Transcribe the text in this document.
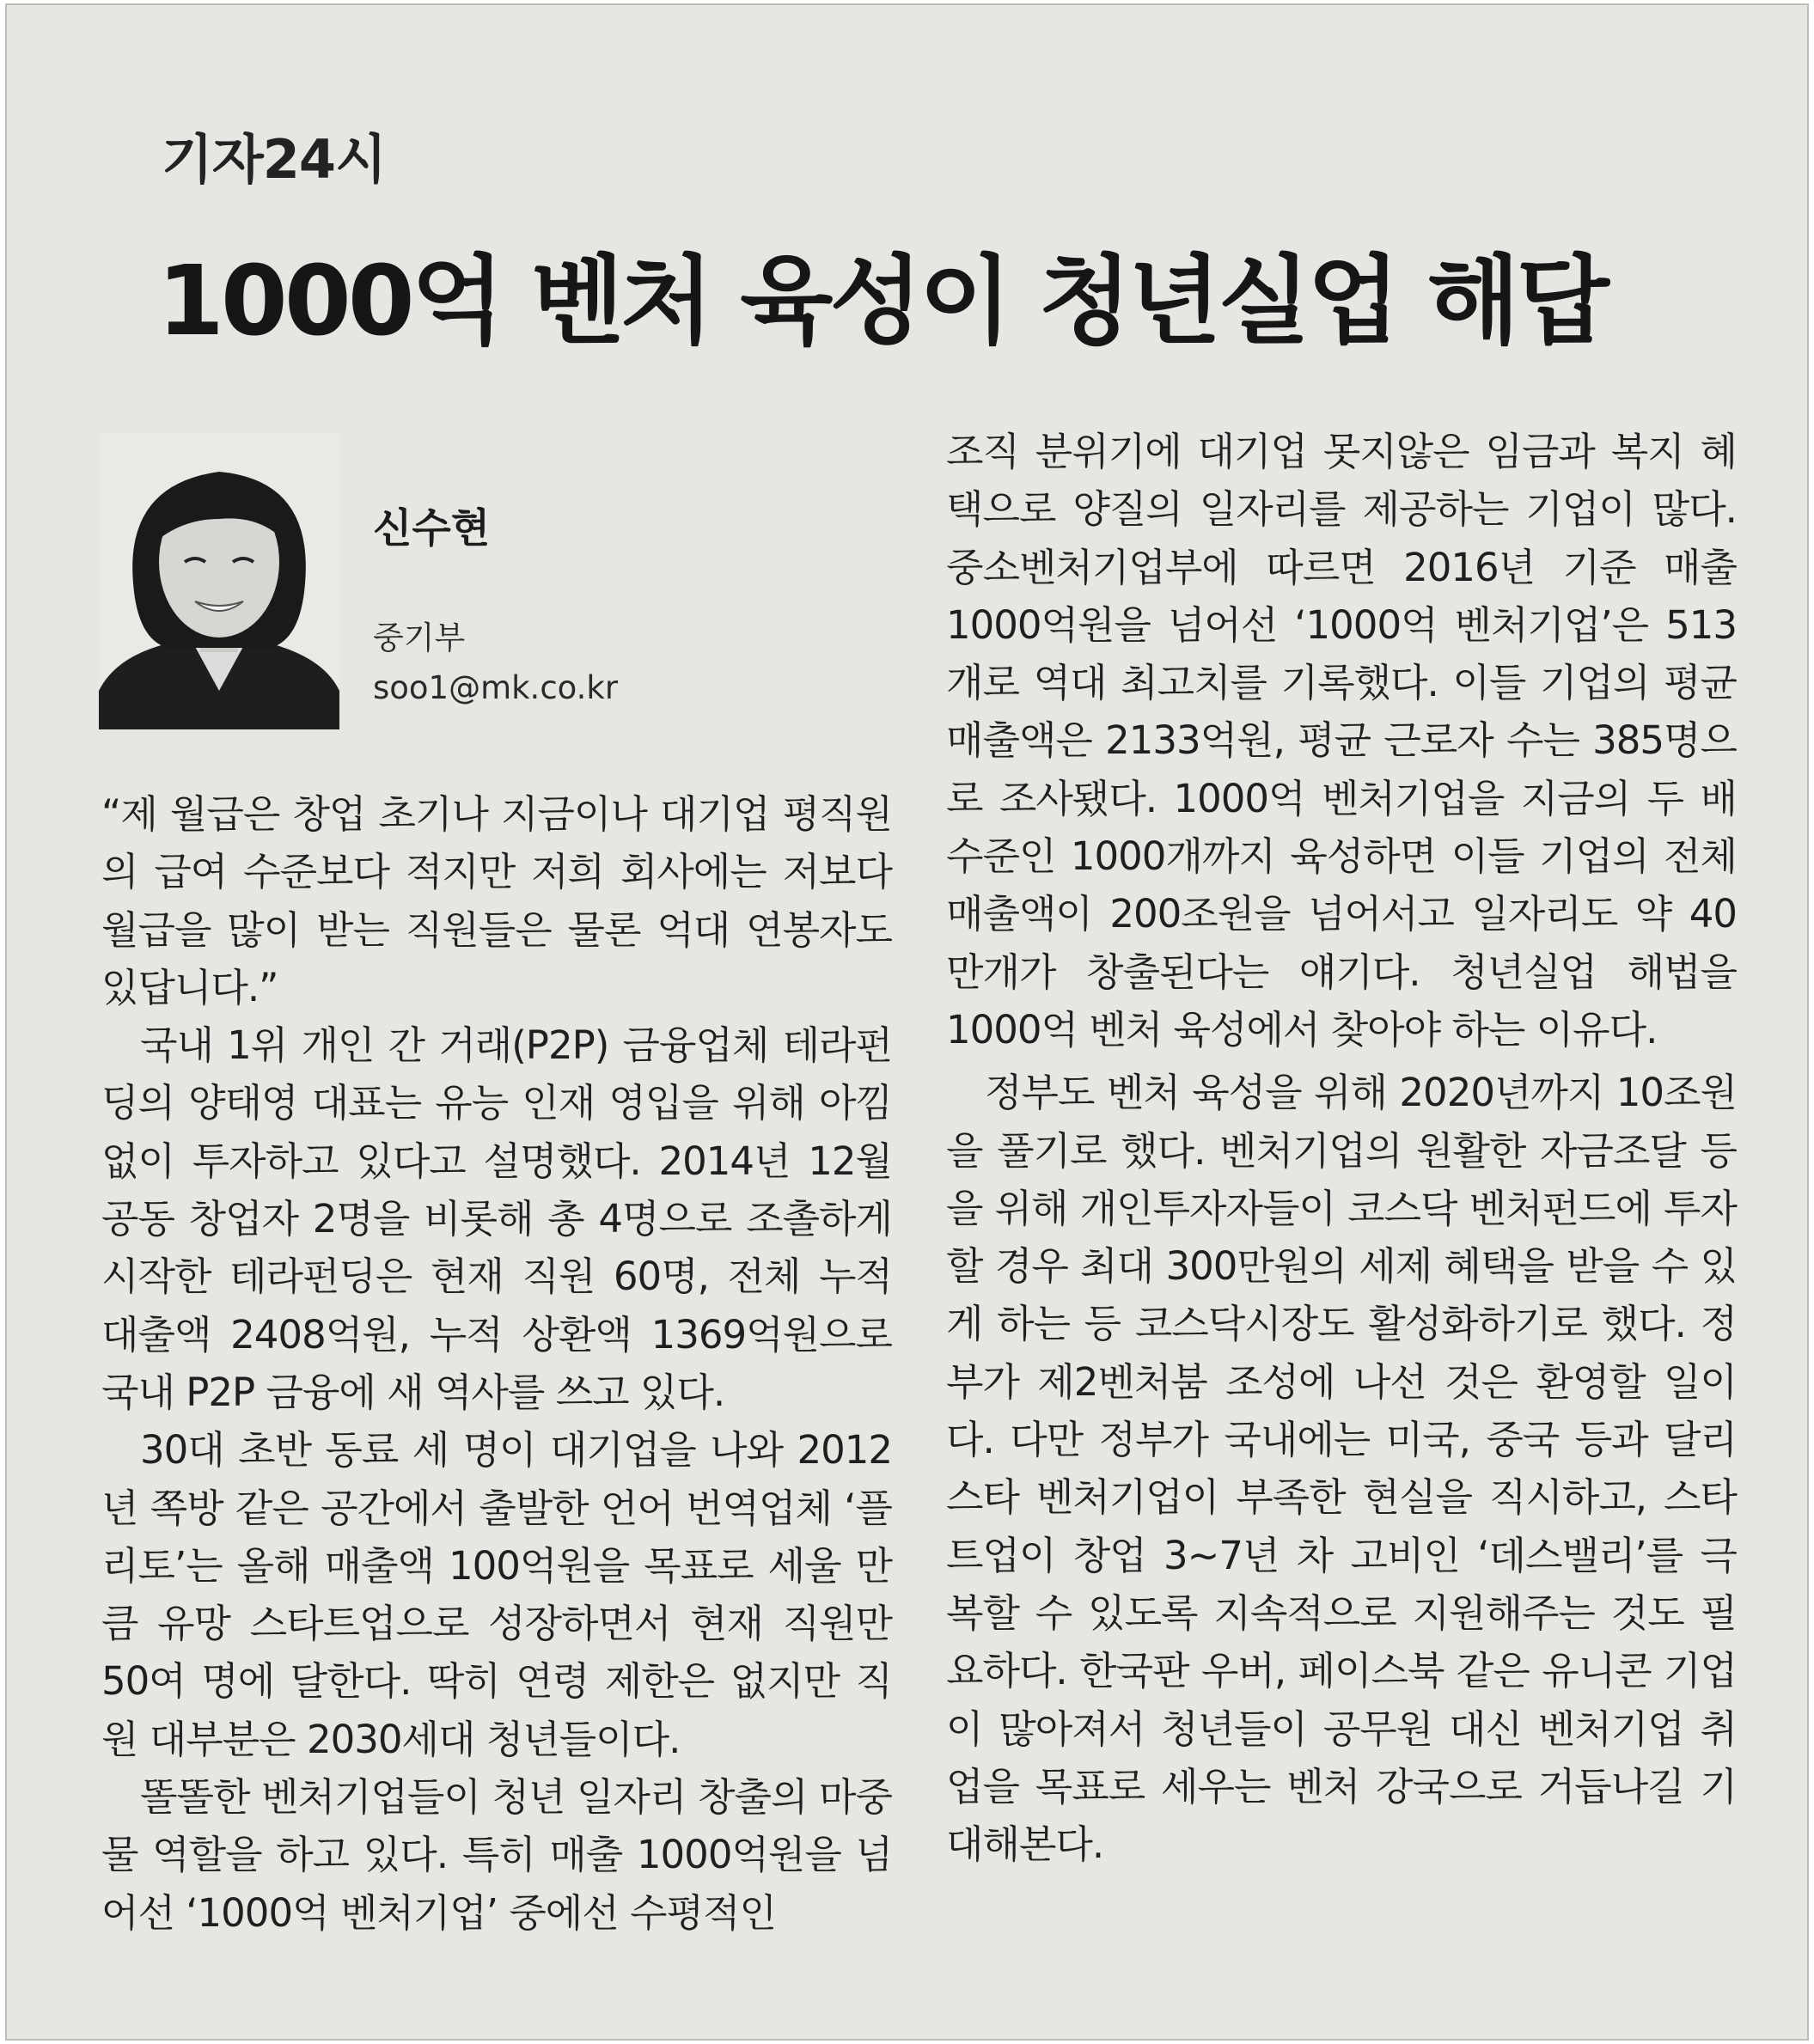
기자24시
1000억 벤처 육성이 청년실업 해답
신수현
중기부
soo1@mk.co.kr

“제 월급은 창업 초기나 지금이나 대기업 평직원의 급여 수준보다 적지만 저희 회사에는 저보다 월급을 많이 받는 직원들은 물론 억대 연봉자도 있답니다.”

국내 1위 개인 간 거래(P2P) 금융업체 테라펀딩의 양태영 대표는 유능 인재 영입을 위해 아낌없이 투자하고 있다고 설명했다. 2014년 12월 공동 창업자 2명을 비롯해 총 4명으로 조촐하게 시작한 테라펀딩은 현재 직원 60명, 전체 누적 대출액 2408억원, 누적 상환액 1369억원으로 국내 P2P 금융에 새 역사를 쓰고 있다.

30대 초반 동료 세 명이 대기업을 나와 2012년 쪽방 같은 공간에서 출발한 언어 번역업체 ‘플리토’는 올해 매출액 100억원을 목표로 세울 만큼 유망 스타트업으로 성장하면서 현재 직원만 50여 명에 달한다. 딱히 연령 제한은 없지만 직원 대부분은 2030세대 청년들이다.

똘똘한 벤처기업들이 청년 일자리 창출의 마중물 역할을 하고 있다. 특히 매출 1000억원을 넘어선 ‘1000억 벤처기업’ 중에선 수평적인

조직 분위기에 대기업 못지않은 임금과 복지 혜택으로 양질의 일자리를 제공하는 기업이 많다. 중소벤처기업부에 따르면 2016년 기준 매출 1000억원을 넘어선 ‘1000억 벤처기업’은 513개로 역대 최고치를 기록했다. 이들 기업의 평균 매출액은 2133억원, 평균 근로자 수는 385명으로 조사됐다. 1000억 벤처기업을 지금의 두 배 수준인 1000개까지 육성하면 이들 기업의 전체 매출액이 200조원을 넘어서고 일자리도 약 40만개가 창출된다는 얘기다. 청년실업 해법을 1000억 벤처 육성에서 찾아야 하는 이유다.

정부도 벤처 육성을 위해 2020년까지 10조원을 풀기로 했다. 벤처기업의 원활한 자금조달 등을 위해 개인투자자들이 코스닥 벤처펀드에 투자할 경우 최대 300만원의 세제 혜택을 받을 수 있게 하는 등 코스닥시장도 활성화하기로 했다. 정부가 제2벤처붐 조성에 나선 것은 환영할 일이다. 다만 정부가 국내에는 미국, 중국 등과 달리 스타 벤처기업이 부족한 현실을 직시하고, 스타트업이 창업 3~7년 차 고비인 ‘데스밸리’를 극복할 수 있도록 지속적으로 지원해주는 것도 필요하다. 한국판 우버, 페이스북 같은 유니콘 기업이 많아져서 청년들이 공무원 대신 벤처기업 취업을 목표로 세우는 벤처 강국으로 거듭나길 기대해본다.
